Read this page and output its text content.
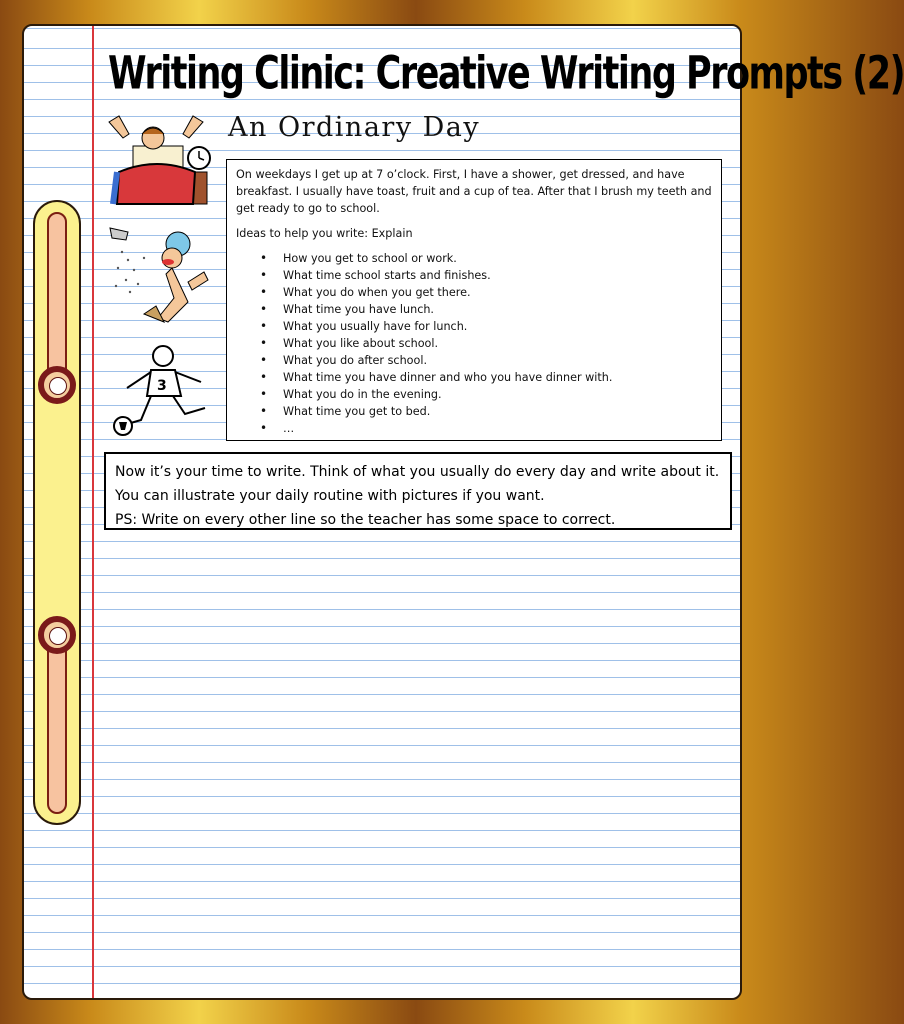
Writing Clinic: Creative Writing Prompts (2)
An Ordinary Day
3

On weekdays I get up at 7 o’clock. First, I have a shower, get dressed, and have breakfast. I usually have toast, fruit and a cup of tea. After that I brush my teeth and get ready to go to school.

Ideas to help you write: Explain

• How you get to school or work.
• What time school starts and finishes.
• What you do when you get there.
• What time you have lunch.
• What you usually have for lunch.
• What you like about school.
• What you do after school.
• What time you have dinner and who you have dinner with.
• What you do in the evening.
• What time you get to bed.
• …

Now it’s your time to write. Think of what you usually do every day and write about it. You can illustrate your daily routine with pictures if you want.

PS: Write on every other line so the teacher has some space to correct.
